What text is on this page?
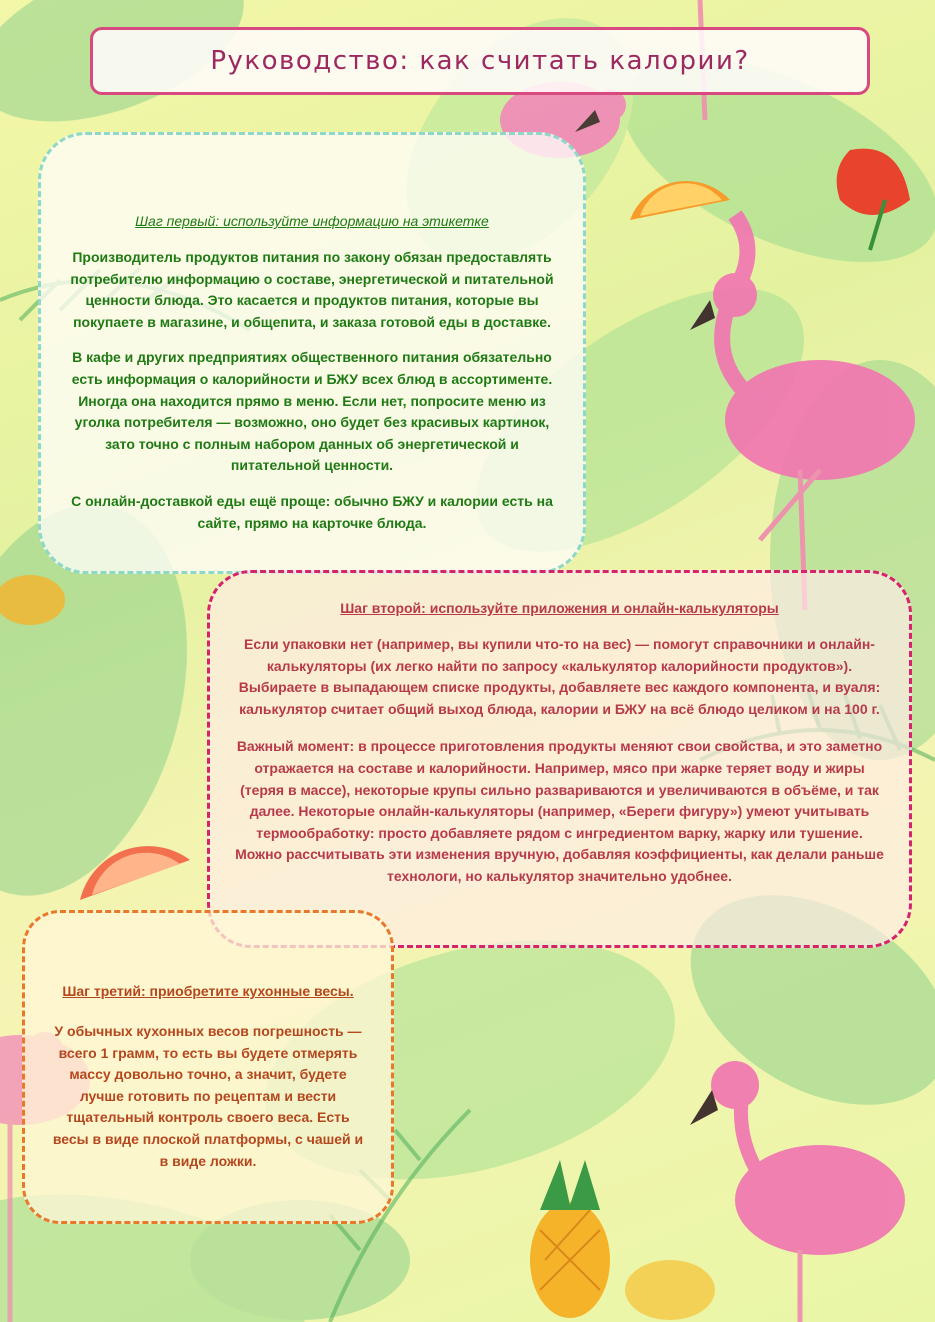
Руководство: как считать калории?
Шаг первый: используйте информацию на этикетке

Производитель продуктов питания по закону обязан предоставлять потребителю информацию о составе, энергетической и питательной ценности блюда. Это касается и продуктов питания, которые вы покупаете в магазине, и общепита, и заказа готовой еды в доставке.

В кафе и других предприятиях общественного питания обязательно есть информация о калорийности и БЖУ всех блюд в ассортименте. Иногда она находится прямо в меню. Если нет, попросите меню из уголка потребителя — возможно, оно будет без красивых картинок, зато точно с полным набором данных об энергетической и питательной ценности.

С онлайн-доставкой еды ещё проще: обычно БЖУ и калории есть на сайте, прямо на карточке блюда.

Шаг второй: используйте приложения и онлайн-калькуляторы

Если упаковки нет (например, вы купили что-то на вес) — помогут справочники и онлайн-калькуляторы (их легко найти по запросу «калькулятор калорийности продуктов»). Выбираете в выпадающем списке продукты, добавляете вес каждого компонента, и вуаля: калькулятор считает общий выход блюда, калории и БЖУ на всё блюдо целиком и на 100 г.

Важный момент: в процессе приготовления продукты меняют свои свойства, и это заметно отражается на составе и калорийности. Например, мясо при жарке теряет воду и жиры (теряя в массе), некоторые крупы сильно развариваются и увеличиваются в объёме, и так далее. Некоторые онлайн-калькуляторы (например, «Береги фигуру») умеют учитывать термообработку: просто добавляете рядом с ингредиентом варку, жарку или тушение. Можно рассчитывать эти изменения вручную, добавляя коэффициенты, как делали раньше технологи, но калькулятор значительно удобнее.

Шаг третий: приобретите кухонные весы.

У обычных кухонных весов погрешность — всего 1 грамм, то есть вы будете отмерять массу довольно точно, а значит, будете лучше готовить по рецептам и вести тщательный контроль своего веса. Есть весы в виде плоской платформы, с чашей и в виде ложки.
